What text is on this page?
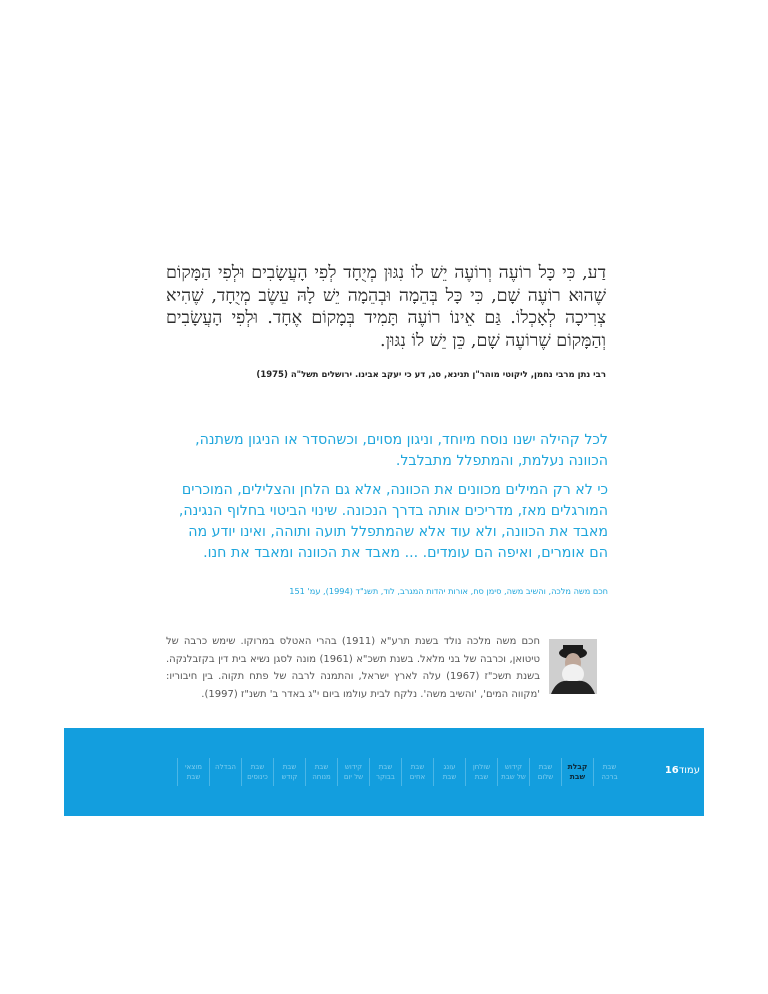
דַע, כִּי כָּל רוֹעֶה וְרוֹעֶה יֵשׁ לוֹ נִגּוּן מְיֻחָד לְפִי הָעֲשָׂבִים וּלְפִי הַמָּקוֹם שֶׁהוּא רוֹעֶה שָׁם, כִּי כָּל בְּהֵמָה וּבְהֵמָה יֵשׁ לָהּ עֵשֶׂב מְיֻחָד, שֶׁהִיא צְרִיכָה לְאָכְלוֹ. גַּם אֵינוֹ רוֹעֶה תָּמִיד בְּמָקוֹם אֶחָד. וּלְפִי הָעֲשָׂבִים וְהַמָּקוֹם שֶׁרוֹעֶה שָׁם, כֵּן יֵשׁ לוֹ נִגּוּן.
רבי נתן מרבי נחמן, ליקוטי מוהר"ן תנינא, סג, דע כי יעקב אבינו. ירושלים תשל"ה (1975)

לכל קהילה ישנו נוסח מיוחד, וניגון מסוים, וכשהסדר או הניגון משתנה, הכוונה נעלמת, והמתפלל מתבלבל.

כי לא רק המילים מכוונים את הכוונה, אלא גם הלחן והצלילים, המוכרים המורגלים מאז, מדריכים אותה בדרך הנכונה. שינוי הביטוי בחלוף הנגינה, מאבד את הכוונה, ולא עוד אלא שהמתפלל תועה ותוהה, ואינו יודע מה הם אומרים, ואיפה הם עומדים. ... מאבד את הכוונה ומאבד את חנו.

חכם משה מלכה, והשיב משה, סימן סח, אורות יהדות המגרב, לוד, תשנ"ד (1994), עמ' 151
חכם משה מלכה נולד בשנת תרע"א (1911) בהרי האטלס במרוקו. שימש כרבה של טיטואן, וכרבה של בני מלאל. בשנת תשכ"א (1961) מונה לסגן נשיא בית דין בקזבלנקה. בשנת תשכ"ז (1967) עלה לארץ ישראל, והתמנה לרבה של פתח תקוה. בין חיבוריו: 'מקווה המים', 'והשיב משה'. נלקח לבית עולמו ביום י"ג באדר ב' תשנ"ז (1997).
עמוד16
שבת
ברכה
קבלת
שבת
שבת
שלום
קידוש
של שבת
שולחן
שבת
עונג
שבת
שבת
אחים
שבת
בבוקר
קידוש
של יום
שבת
מנוחה
שבת
קודש
שבת
כינוסים
הבדלה
מוצאי
שבת
